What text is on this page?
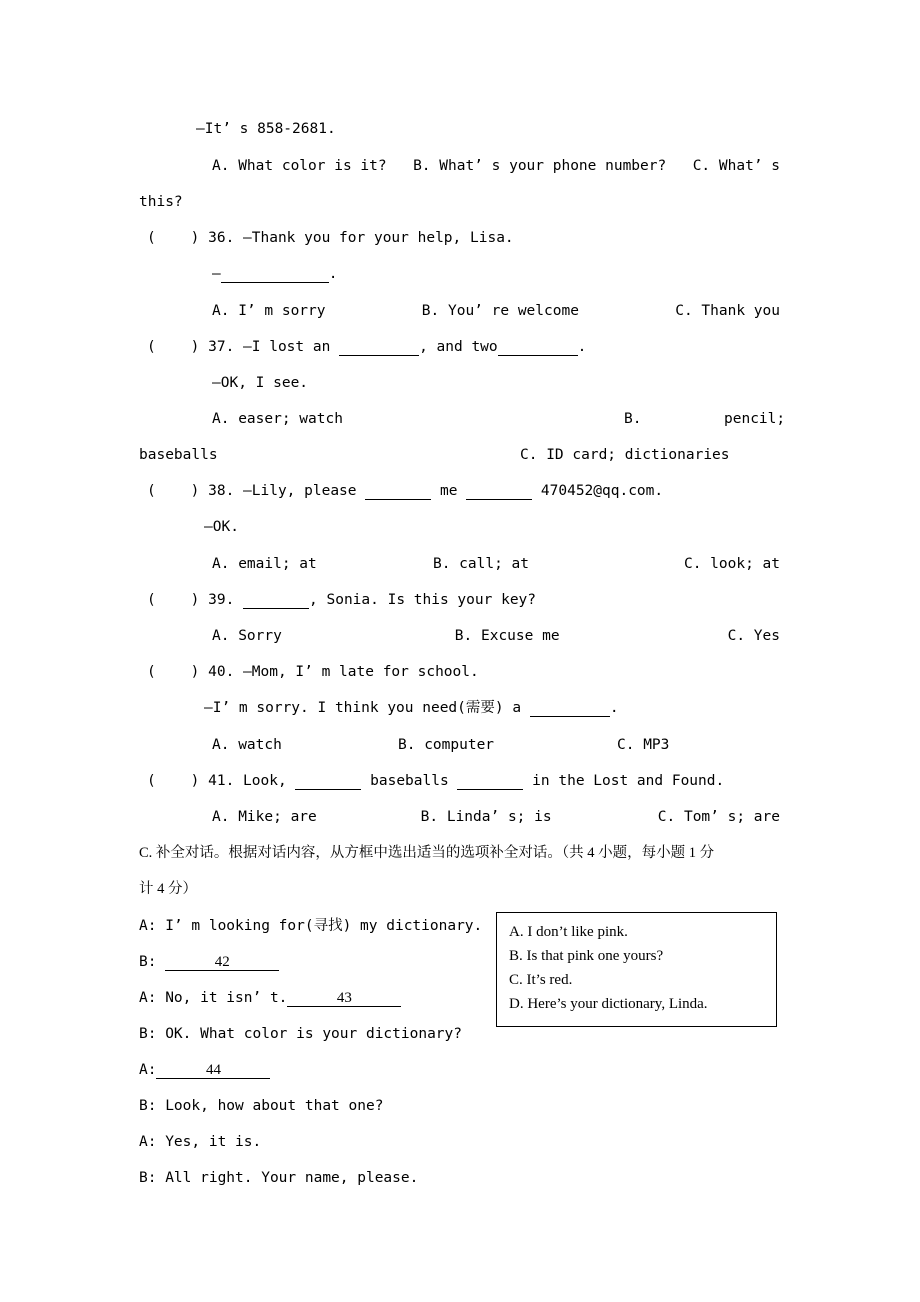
—It’ s 858-2681.
A. What color is it? B. What’ s your phone number? C. What’ s
this?
(    ) 36. —Thank you for your help, Lisa.
—	.
A. I’ m sorry	B. You’ re welcome	C. Thank you
(    ) 37. —I lost an	, and two	.
—OK, I see.
A. easer; watch	B.	pencil;
baseballs	C. ID card; dictionaries
(    ) 38. —Lily, please	me	470452@qq.com.
—OK.
A. email; at	B. call; at	C. look; at
(    ) 39.	, Sonia. Is this your key?
A. Sorry	B. Excuse me	C. Yes
(    ) 40. —Mom, I’ m late for school.
—I’ m sorry. I think you need(需要) a	.
A. watch	B. computer	C. MP3
(    ) 41. Look,	baseballs	in the Lost and Found.
A. Mike; are	B. Linda’ s; is	C. Tom’ s; are
C. 补全对话。根据对话内容，从方框中选出适当的选项补全对话。（共 4 小题，每小题 1 分
计 4 分）
A: I’ m looking for(寻找) my dictionary.
B:	42
A: No, it isn’ t.	43
B: OK. What color is your dictionary?
A:	44
B: Look, how about that one?
A: Yes, it is.
B: All right. Your name, please.
A. I don’t like pink.
B. Is that pink one yours?
C. It’s red.
D. Here’s your dictionary, Linda.
